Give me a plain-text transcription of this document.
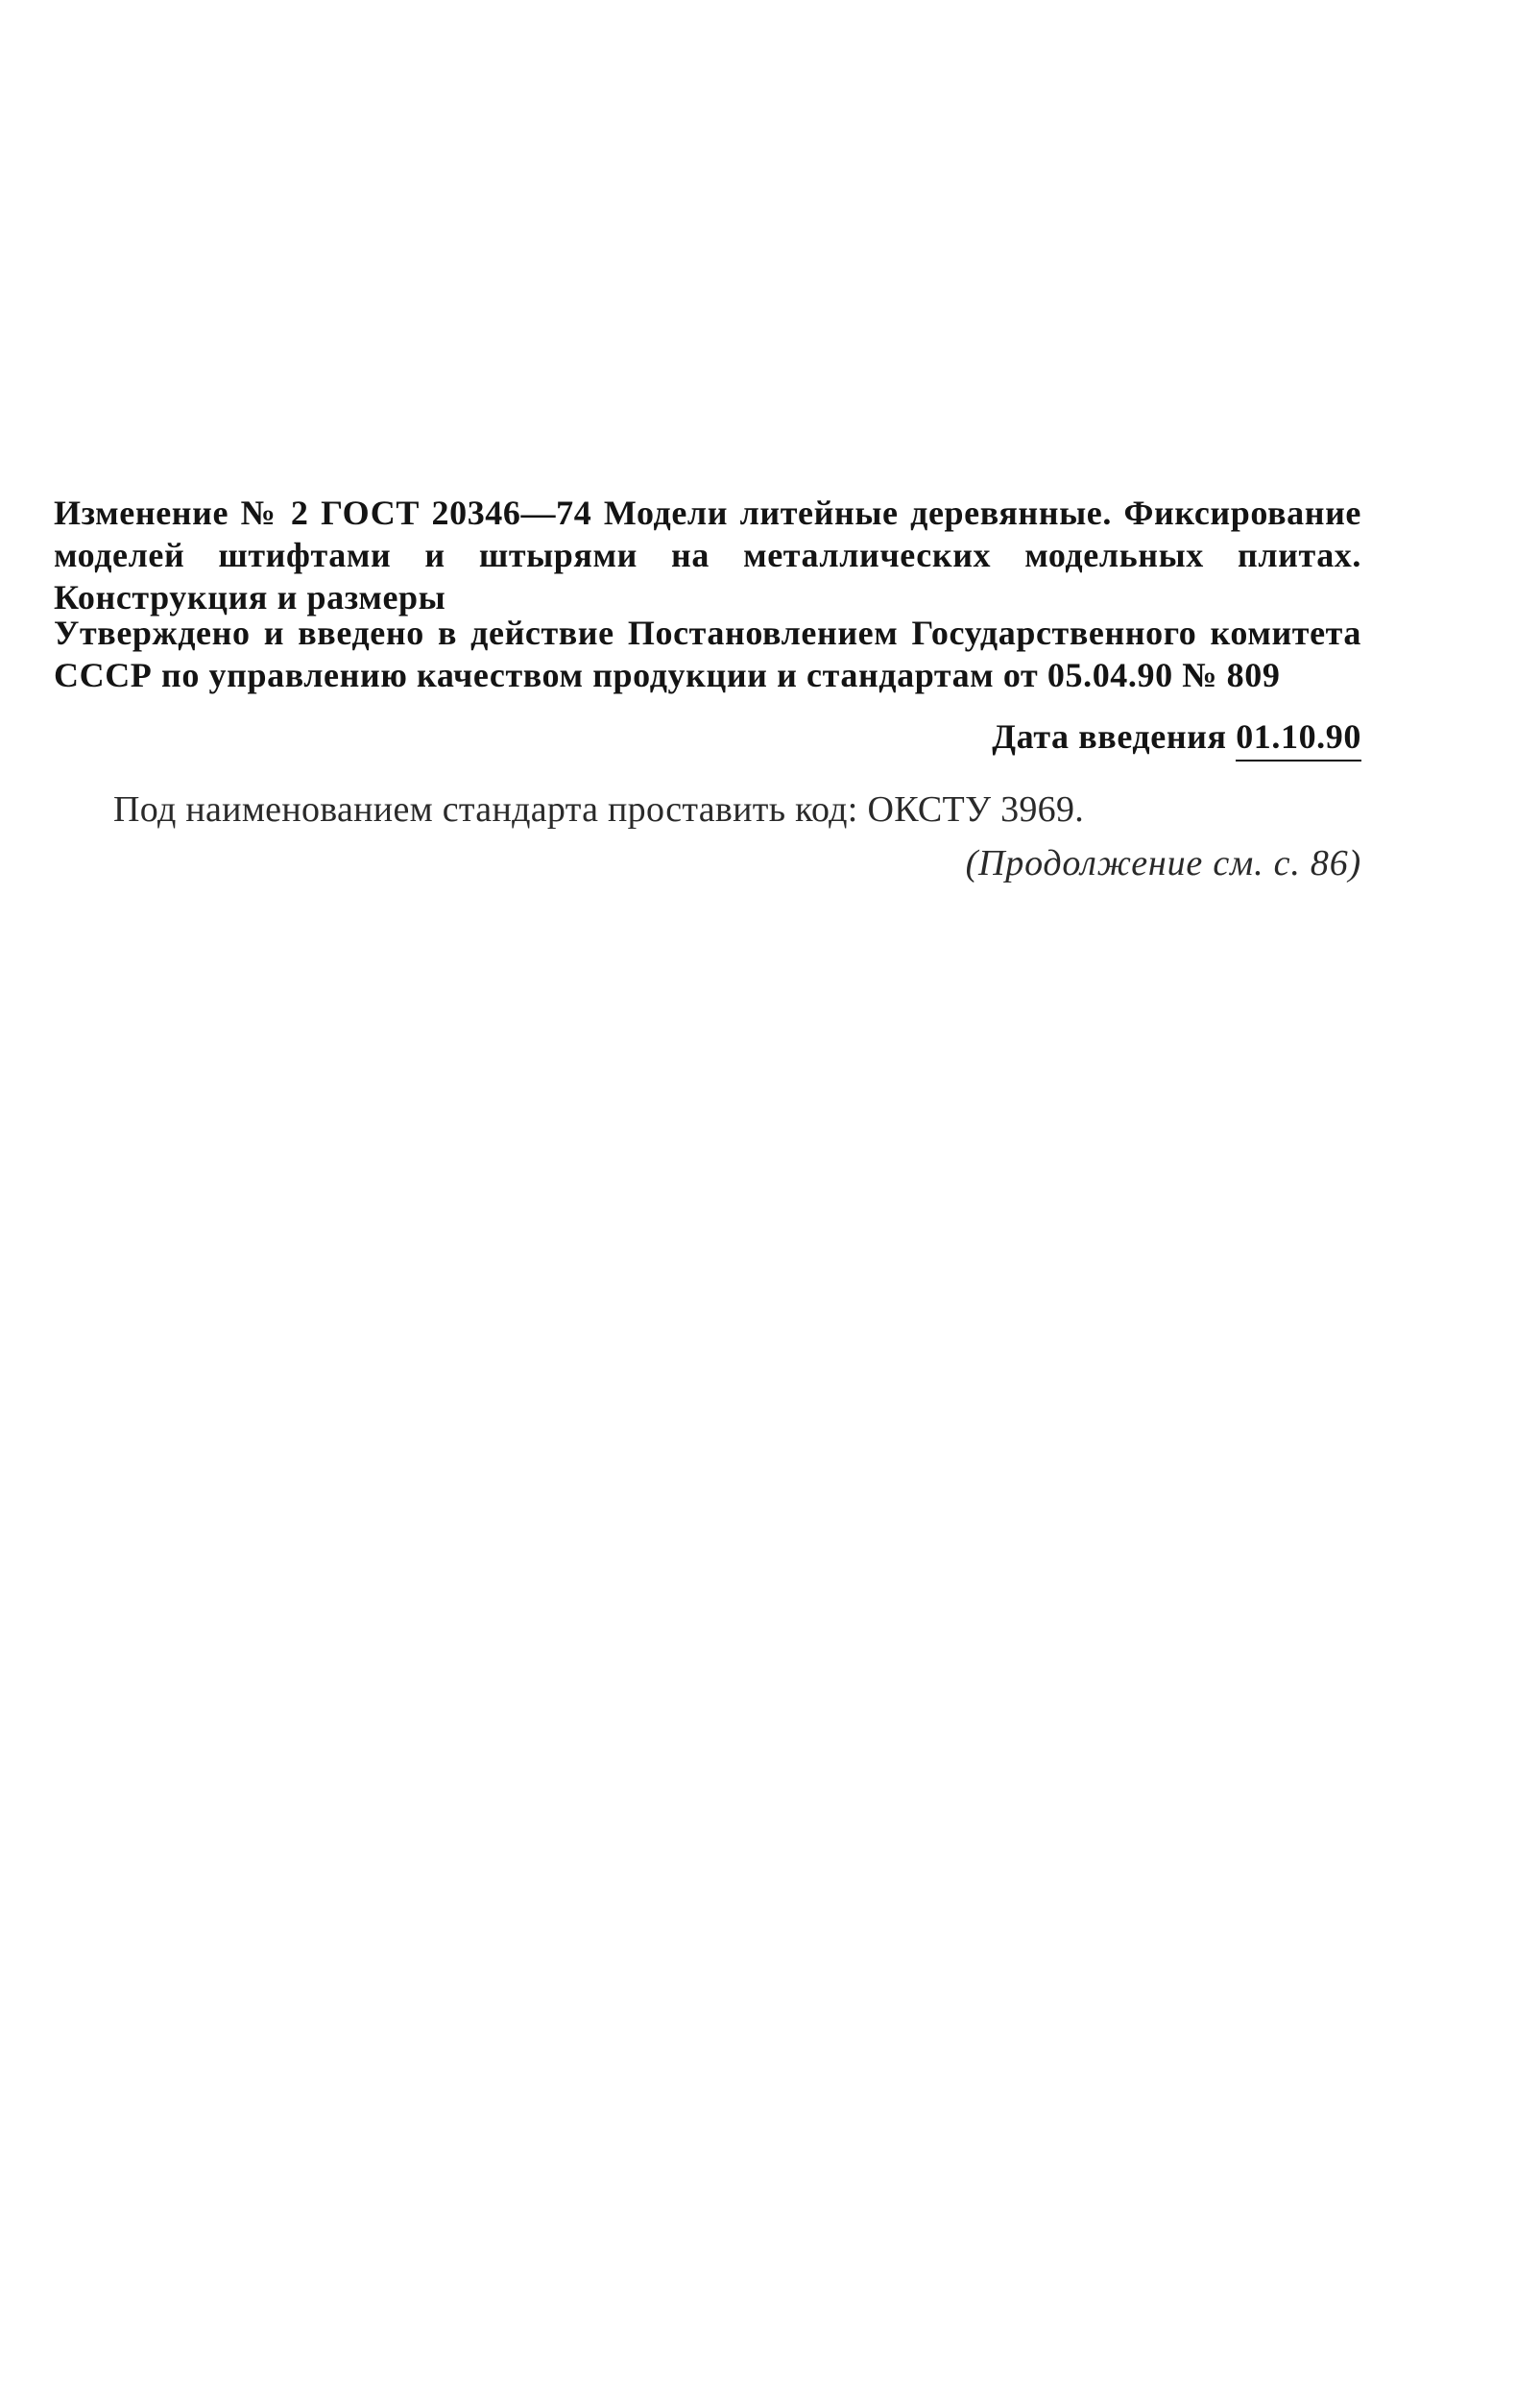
Изменение № 2 ГОСТ 20346—74 Модели литейные деревянные. Фиксирование моделей штифтами и штырями на металлических модельных плитах. Конструкция и размеры
Утверждено и введено в действие Постановлением Государственного комитета СССР по управлению качеством продукции и стандартам от 05.04.90 № 809
Дата введения 01.10.90
Под наименованием стандарта проставить код: ОКСТУ 3969.
(Продолжение см. с. 86)
